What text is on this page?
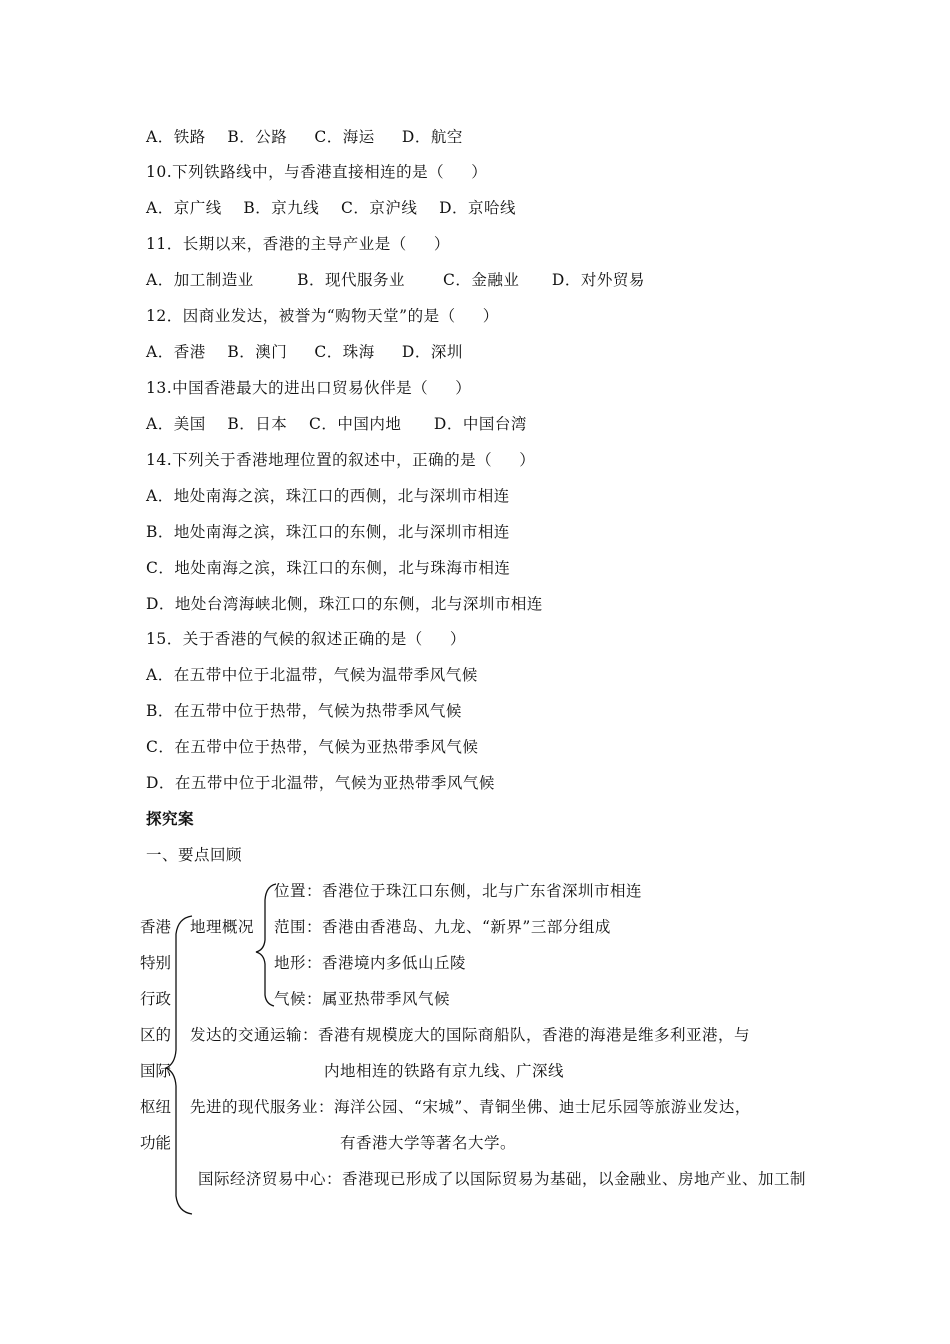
A．铁路    B．公路     C．海运     D．航空
10.下列铁路线中，与香港直接相连的是（     ）
A．京广线    B．京九线    C．京沪线    D．京哈线
11．长期以来，香港的主导产业是（     ）
A．加工制造业        B．现代服务业       C．金融业      D．对外贸易
12．因商业发达，被誉为“购物天堂”的是（     ）
A．香港    B．澳门     C．珠海     D．深圳
13.中国香港最大的进出口贸易伙伴是（     ）
A．美国    B．日本    C．中国内地      D．中国台湾
14.下列关于香港地理位置的叙述中，正确的是（     ）
A．地处南海之滨，珠江口的西侧，北与深圳市相连
B．地处南海之滨，珠江口的东侧，北与深圳市相连
C．地处南海之滨，珠江口的东侧，北与珠海市相连
D．地处台湾海峡北侧，珠江口的东侧，北与深圳市相连
15．关于香港的气候的叙述正确的是（     ）
A．在五带中位于北温带，气候为温带季风气候
B．在五带中位于热带，气候为热带季风气候
C．在五带中位于热带，气候为亚热带季风气候
D．在五带中位于北温带，气候为亚热带季风气候
探究案
一、要点回顾
香港
特别
行政
区的
国际
枢纽
功能
地理概况
位置：香港位于珠江口东侧，北与广东省深圳市相连
范围：香港由香港岛、九龙、“新界”三部分组成
地形：香港境内多低山丘陵
气候：属亚热带季风气候
发达的交通运输：香港有规模庞大的国际商船队，香港的海港是维多利亚港，与
内地相连的铁路有京九线、广深线
先进的现代服务业：海洋公园、“宋城”、青铜坐佛、迪士尼乐园等旅游业发达，
有香港大学等著名大学。
国际经济贸易中心：香港现已形成了以国际贸易为基础，以金融业、房地产业、加工制
